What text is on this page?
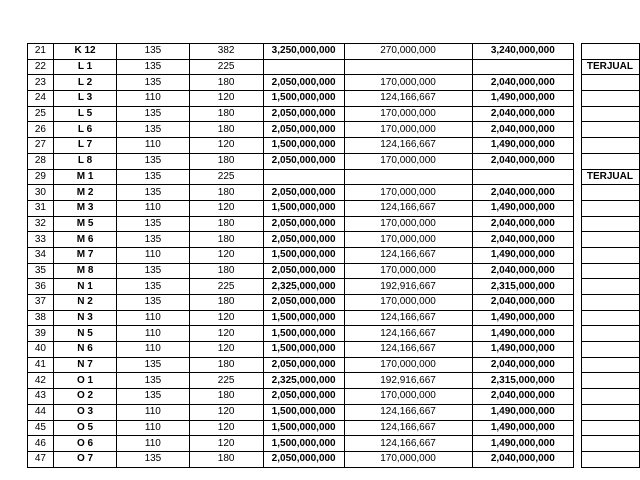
21	K 12	135	382	3,250,000,000	270,000,000	3,240,000,000		
22	L 1	135	225					TERJUAL
23	L 2	135	180	2,050,000,000	170,000,000	2,040,000,000		
24	L 3	110	120	1,500,000,000	124,166,667	1,490,000,000		
25	L 5	135	180	2,050,000,000	170,000,000	2,040,000,000		
26	L 6	135	180	2,050,000,000	170,000,000	2,040,000,000		
27	L 7	110	120	1,500,000,000	124,166,667	1,490,000,000		
28	L 8	135	180	2,050,000,000	170,000,000	2,040,000,000		
29	M 1	135	225					TERJUAL
30	M 2	135	180	2,050,000,000	170,000,000	2,040,000,000		
31	M 3	110	120	1,500,000,000	124,166,667	1,490,000,000		
32	M 5	135	180	2,050,000,000	170,000,000	2,040,000,000		
33	M 6	135	180	2,050,000,000	170,000,000	2,040,000,000		
34	M 7	110	120	1,500,000,000	124,166,667	1,490,000,000		
35	M 8	135	180	2,050,000,000	170,000,000	2,040,000,000		
36	N 1	135	225	2,325,000,000	192,916,667	2,315,000,000		
37	N 2	135	180	2,050,000,000	170,000,000	2,040,000,000		
38	N 3	110	120	1,500,000,000	124,166,667	1,490,000,000		
39	N 5	110	120	1,500,000,000	124,166,667	1,490,000,000		
40	N 6	110	120	1,500,000,000	124,166,667	1,490,000,000		
41	N 7	135	180	2,050,000,000	170,000,000	2,040,000,000		
42	O 1	135	225	2,325,000,000	192,916,667	2,315,000,000		
43	O 2	135	180	2,050,000,000	170,000,000	2,040,000,000		
44	O 3	110	120	1,500,000,000	124,166,667	1,490,000,000		
45	O 5	110	120	1,500,000,000	124,166,667	1,490,000,000		
46	O 6	110	120	1,500,000,000	124,166,667	1,490,000,000		
47	O 7	135	180	2,050,000,000	170,000,000	2,040,000,000		
